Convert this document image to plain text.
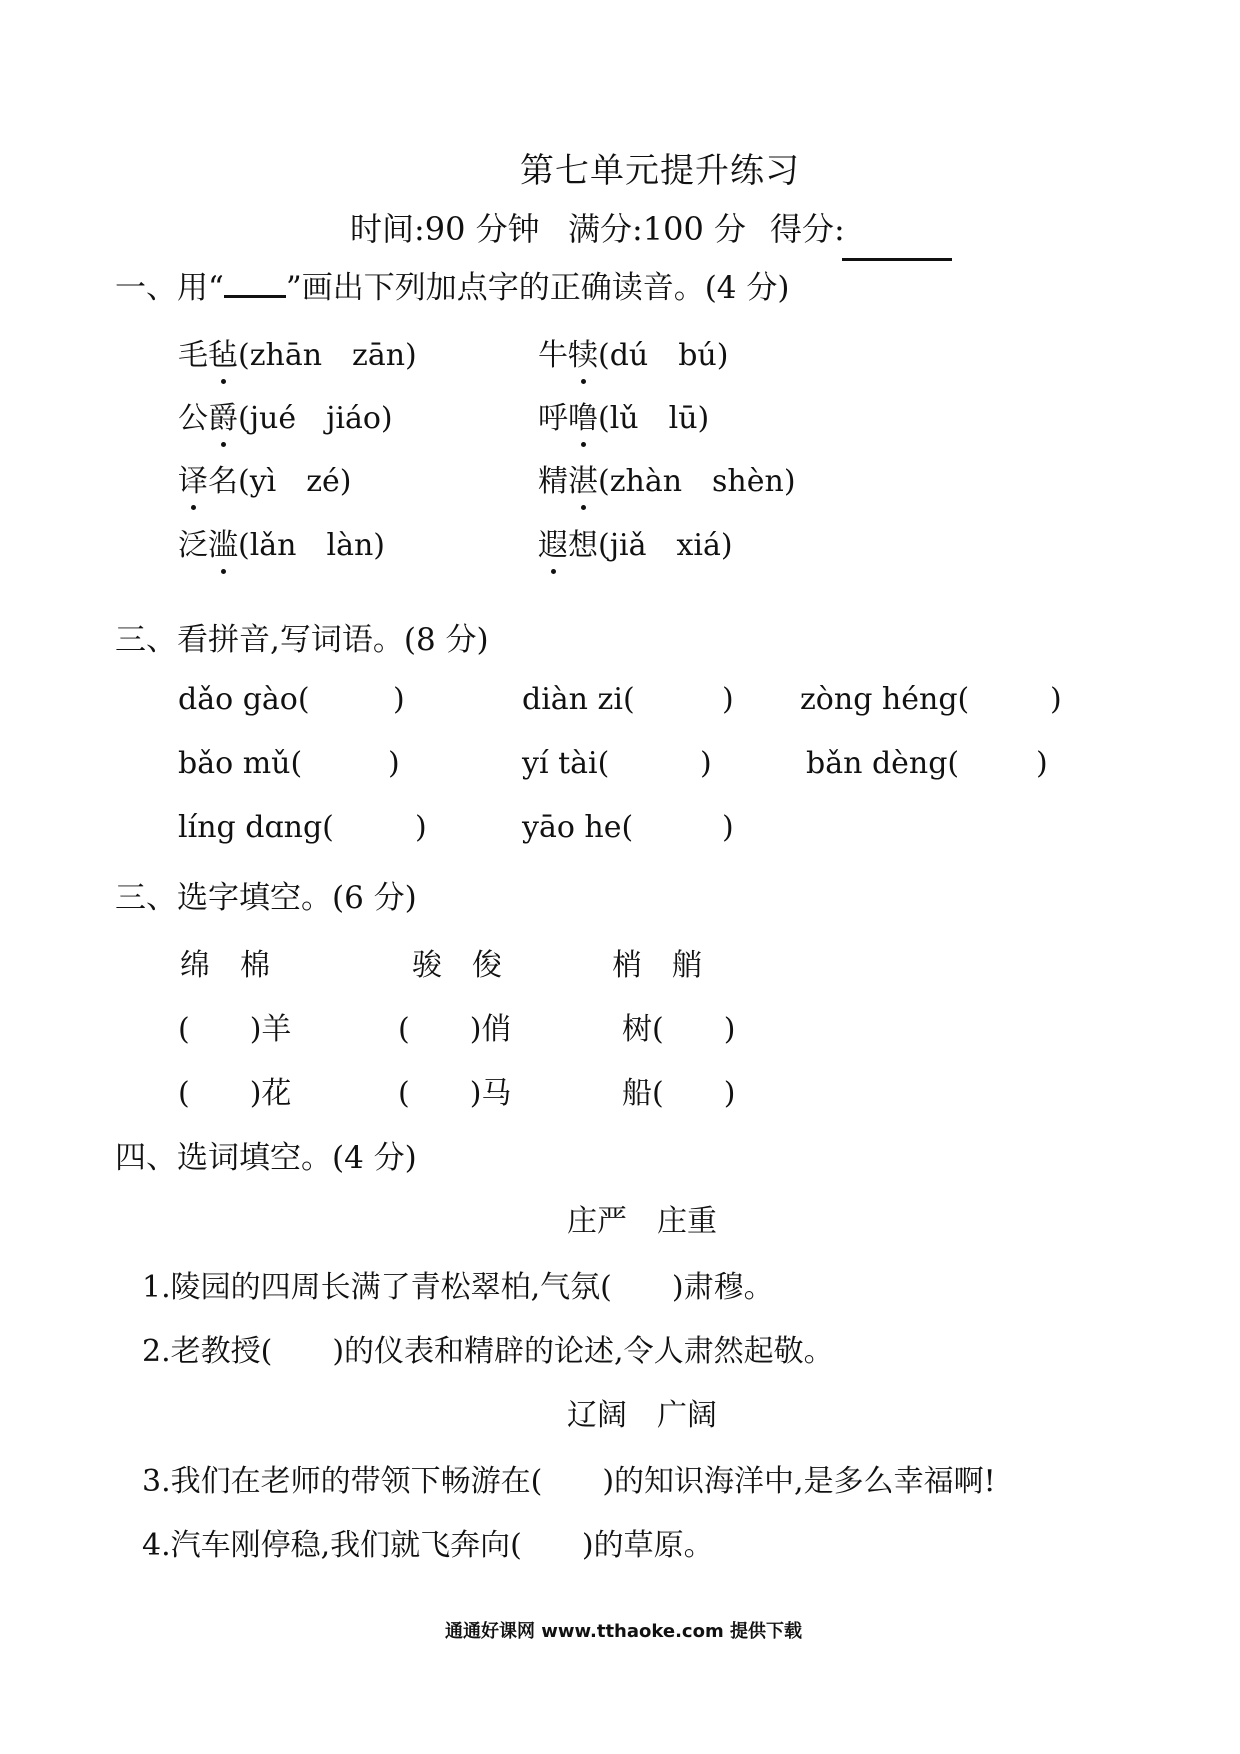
第七单元提升练习
时间:90 分钟 满分:100 分 得分:
一、用“ ”画出下列加点字的正确读音。(4 分)
毛毡(zhān　zān)	牛犊(dú　bú)
公爵(jué　jiáo)	呼噜(lǔ　lū)
译名(yì　zé)	精湛(zhàn　shèn)
泛滥(lǎn　làn)	遐想(jiǎ　xiá)
三、看拼音,写词语。(8 分)
dǎo gào(	)	diàn zi(	) zòng héng(	)
bǎo mǔ(	)	yí tài(	)	bǎn dèng(	)
líng dɑng(	)	yāo he(	)
三、选字填空。(6 分)
绵　棉	骏　俊	梢　艄
(　　)羊	(　　)俏	树(　　)
(　　)花	(　　)马	船(　　)
四、选词填空。(4 分)
庄严　庄重
1.陵园的四周长满了青松翠柏,气氛(　　)肃穆。
2.老教授(　　)的仪表和精辟的论述,令人肃然起敬。
辽阔　广阔
3.我们在老师的带领下畅游在(　　)的知识海洋中,是多么幸福啊!
4.汽车刚停稳,我们就飞奔向(　　)的草原。
通通好课网 www.tthaoke.com 提供下载
